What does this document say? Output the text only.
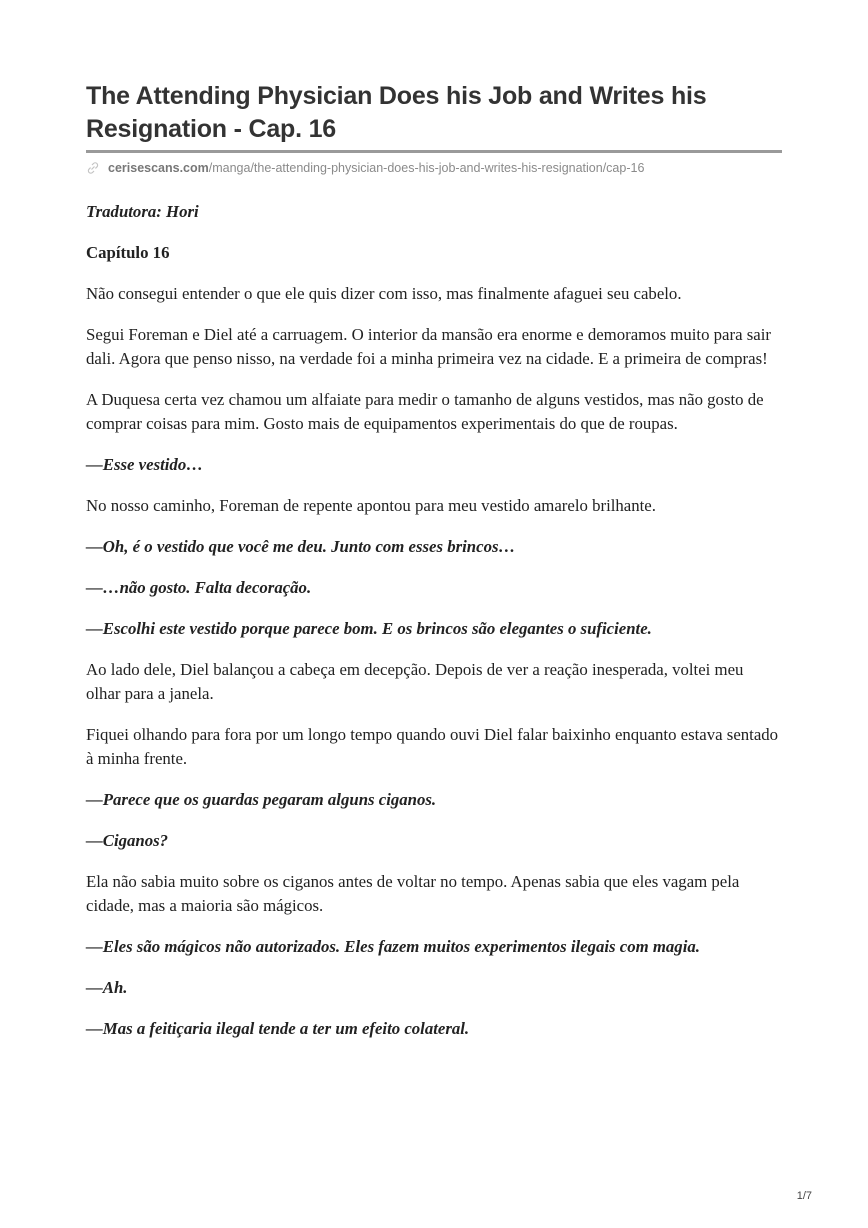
The Attending Physician Does his Job and Writes his Resignation - Cap. 16
cerisescans.com /manga/the-attending-physician-does-his-job-and-writes-his-resignation/cap-16

Tradutora: Hori

Capítulo 16

Não consegui entender o que ele quis dizer com isso, mas finalmente afaguei seu cabelo.

Segui Foreman e Diel até a carruagem. O interior da mansão era enorme e demoramos muito para sair dali. Agora que penso nisso, na verdade foi a minha primeira vez na cidade. E a primeira de compras!

A Duquesa certa vez chamou um alfaiate para medir o tamanho de alguns vestidos, mas não gosto de comprar coisas para mim. Gosto mais de equipamentos experimentais do que de roupas.

—Esse vestido…

No nosso caminho, Foreman de repente apontou para meu vestido amarelo brilhante.

—Oh, é o vestido que você me deu. Junto com esses brincos…

—…não gosto. Falta decoração.

—Escolhi este vestido porque parece bom. E os brincos são elegantes o suficiente.

Ao lado dele, Diel balançou a cabeça em decepção. Depois de ver a reação inesperada, voltei meu olhar para a janela.

Fiquei olhando para fora por um longo tempo quando ouvi Diel falar baixinho enquanto estava sentado à minha frente.

—Parece que os guardas pegaram alguns ciganos.

—Ciganos?

Ela não sabia muito sobre os ciganos antes de voltar no tempo. Apenas sabia que eles vagam pela cidade, mas a maioria são mágicos.

—Eles são mágicos não autorizados. Eles fazem muitos experimentos ilegais com magia.

—Ah.

—Mas a feitiçaria ilegal tende a ter um efeito colateral.

1/7
